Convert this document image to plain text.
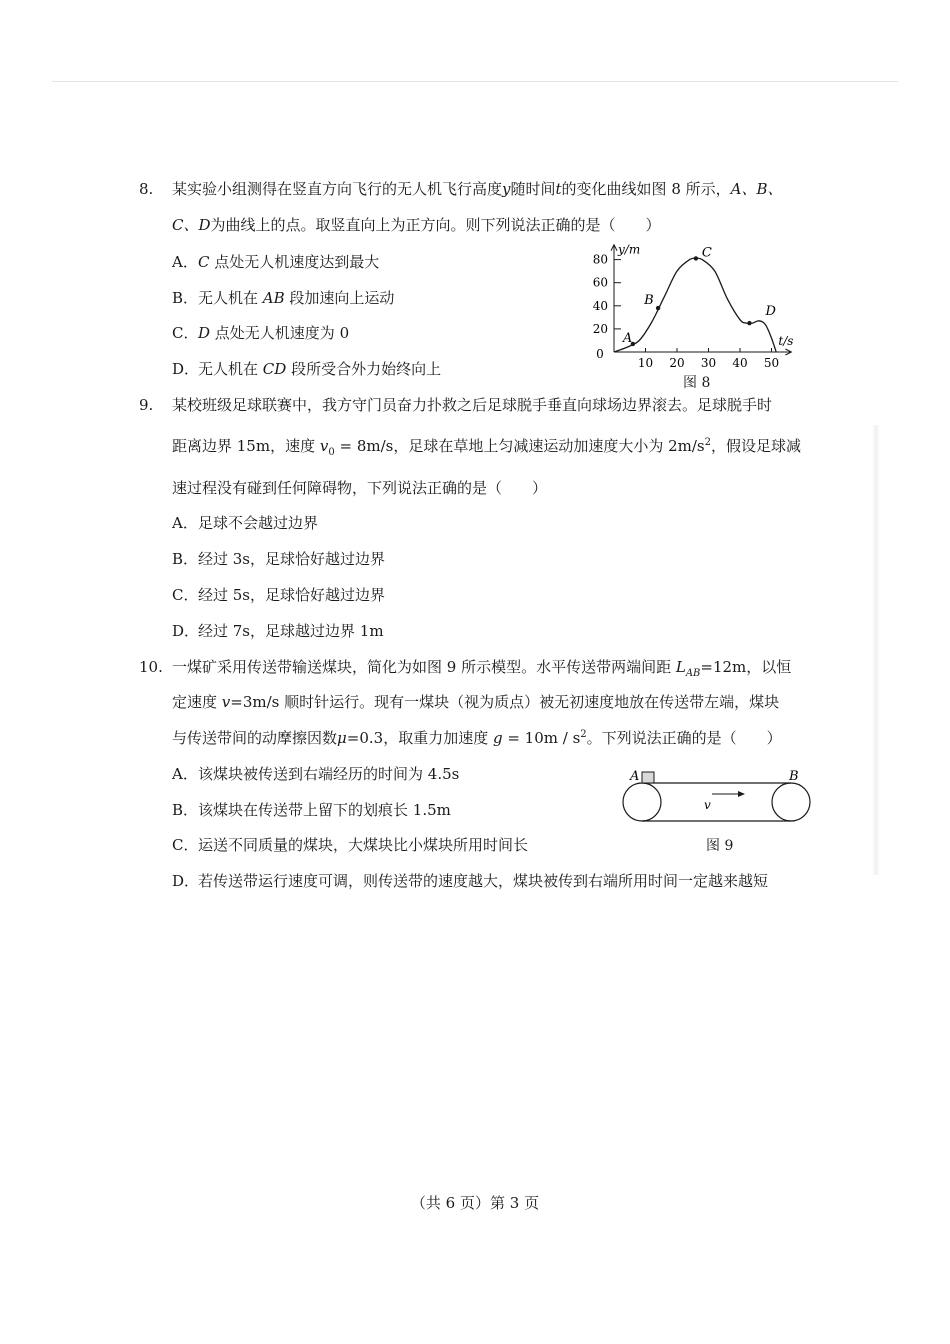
8. 某实验小组测得在竖直方向飞行的无人机飞行高度y随时间t的变化曲线如图 8 所示，A、B、
C、D为曲线上的点。取竖直向上为正方向。则下列说法正确的是（　　）
A．C 点处无人机速度达到最大
B．无人机在 AB 段加速向上运动
C．D 点处无人机速度为 0
D．无人机在 CD 段所受合外力始终向上
20
40
60
80
10 20 30 40 50
0
t/s
y/m
A
B
C
D
图 8
9. 某校班级足球联赛中，我方守门员奋力扑救之后足球脱手垂直向球场边界滚去。足球脱手时
距离边界 15m，速度 $v_0 = 8m/s$，足球在草地上匀减速运动加速度大小为 $2m/s^2$，假设足球减
速过程没有碰到任何障碍物，下列说法正确的是（　　）
A．足球不会越过边界
B．经过 3s，足球恰好越过边界
C．经过 5s，足球恰好越过边界
D．经过 7s，足球越过边界 1m
10. 一煤矿采用传送带输送煤块，简化为如图 9 所示模型。水平传送带两端间距 $L_{AB}=12m$，以恒
定速度 v=3m/s 顺时针运行。现有一煤块（视为质点）被无初速度地放在传送带左端，煤块
与传送带间的动摩擦因数μ=0.3，取重力加速度 $g = 10m / s^2$。下列说法正确的是（　　）
A．该煤块被传送到右端经历的时间为 4.5s
B．该煤块在传送带上留下的划痕长 1.5m
C．运送不同质量的煤块，大煤块比小煤块所用时间长
D．若传送带运行速度可调，则传送带的速度越大，煤块被传到右端所用时间一定越来越短
A	B
v
图 9
（共 6 页）第 3 页
